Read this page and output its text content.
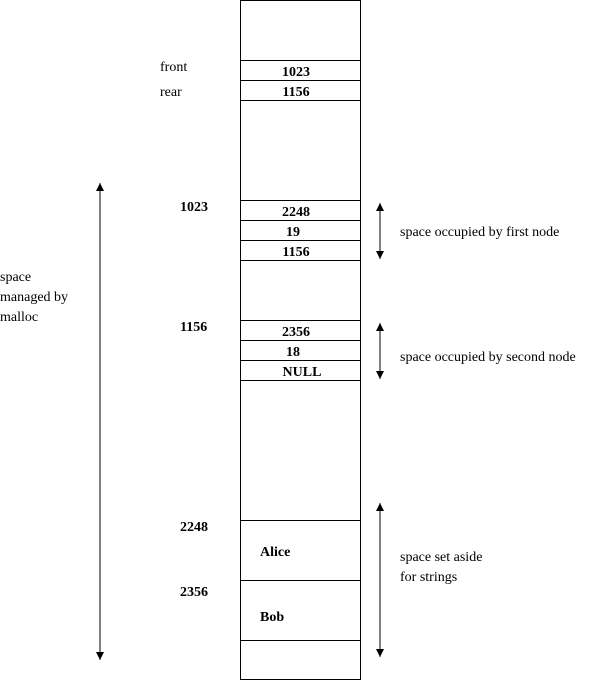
front
rear
1023
1156
1023	2248
19
1156
space occupied by first node
1156	2356
18
NULL
space occupied by second node
2248
Alice
2356
Bob
space set aside
for strings
space
managed by
malloc
